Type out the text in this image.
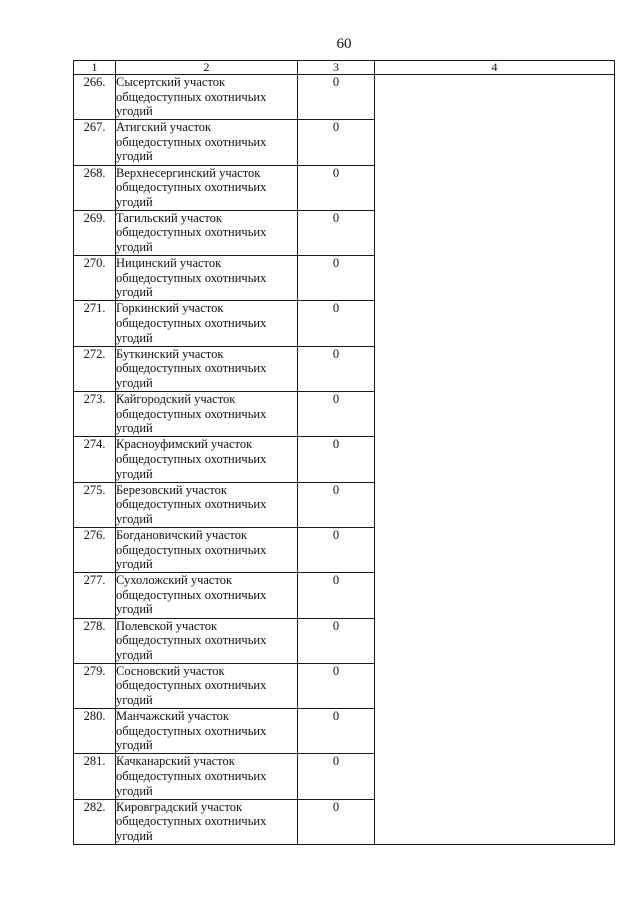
60
1	2	3	4
266.	Сысертский участок общедоступных охотничьих угодий	0	
267.	Атигский участок общедоступных охотничьих угодий	0	
268.	Верхнесергинский участок общедоступных охотничьих угодий	0	
269.	Тагильский участок общедоступных охотничьих угодий	0	
270.	Ницинский участок общедоступных охотничьих угодий	0	
271.	Горкинский участок общедоступных охотничьих угодий	0	
272.	Буткинский участок общедоступных охотничьих угодий	0	
273.	Кайгородский участок общедоступных охотничьих угодий	0	
274.	Красноуфимский участок общедоступных охотничьих угодий	0	
275.	Березовский участок общедоступных охотничьих угодий	0	
276.	Богдановичский участок общедоступных охотничьих угодий	0	
277.	Сухоложский участок общедоступных охотничьих угодий	0	
278.	Полевской участок общедоступных охотничьих угодий	0	
279.	Сосновский участок общедоступных охотничьих угодий	0	
280.	Манчажский участок общедоступных охотничьих угодий	0	
281.	Качканарский участок общедоступных охотничьих угодий	0	
282.	Кировградский участок общедоступных охотничьих угодий	0	
